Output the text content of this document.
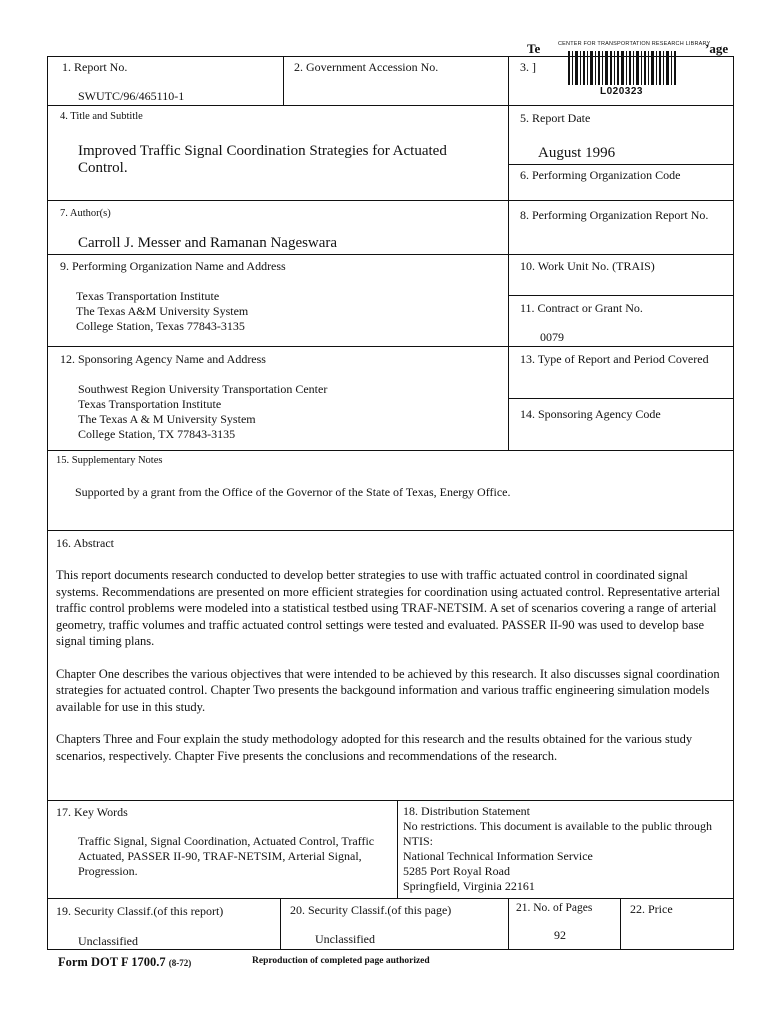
Te	’age
CENTER FOR TRANSPORTATION RESEARCH LIBRARY
L020323
1. Report No.
SWUTC/96/465110-1
2. Government Accession No.	3. ]
4. Title and Subtitle
Improved Traffic Signal Coordination Strategies for Actuated
Control.
5. Report Date
August 1996
6. Performing Organization Code
7. Author(s)
Carroll J. Messer and Ramanan Nageswara
8. Performing Organization Report No.
9. Performing Organization Name and Address
Texas Transportation Institute
The Texas A&M University System
College Station, Texas 77843-3135
10. Work Unit No. (TRAIS)
11. Contract or Grant No.
0079
12. Sponsoring Agency Name and Address
Southwest Region University Transportation Center
Texas Transportation Institute
The Texas A & M University System
College Station, TX 77843-3135
13. Type of Report and Period Covered
14. Sponsoring Agency Code
15. Supplementary Notes
Supported by a grant from the Office of the Governor of the State of Texas, Energy Office.
16. Abstract

This report documents research conducted to develop better strategies to use with traffic actuated control in coordinated signal systems. Recommendations are presented on more efficient strategies for coordination using actuated control. Representative arterial traffic control problems were modeled into a statistical testbed using TRAF-NETSIM. A set of scenarios covering a range of arterial geometry, traffic volumes and traffic actuated control settings were tested and evaluated. PASSER II-90 was used to develop base signal timing plans.

Chapter One describes the various objectives that were intended to be achieved by this research. It also discusses signal coordination strategies for actuated control. Chapter Two presents the backgound information and various traffic engineering simulation models available for use in this study.

Chapters Three and Four explain the study methodology adopted for this research and the results obtained for the various study scenarios, respectively. Chapter Five presents the conclusions and recommendations of the research.

17. Key Words
Traffic Signal, Signal Coordination, Actuated Control, Traffic
Actuated, PASSER II-90, TRAF-NETSIM, Arterial Signal,
Progression.
18. Distribution Statement
No restrictions. This document is available to the public through
NTIS:
National Technical Information Service
5285 Port Royal Road
Springfield, Virginia 22161
19. Security Classif.(of this report)
Unclassified
20. Security Classif.(of this page)
Unclassified
21. No. of Pages
92
22. Price
Form DOT F 1700.7 (8-72)	Reproduction of completed page authorized
